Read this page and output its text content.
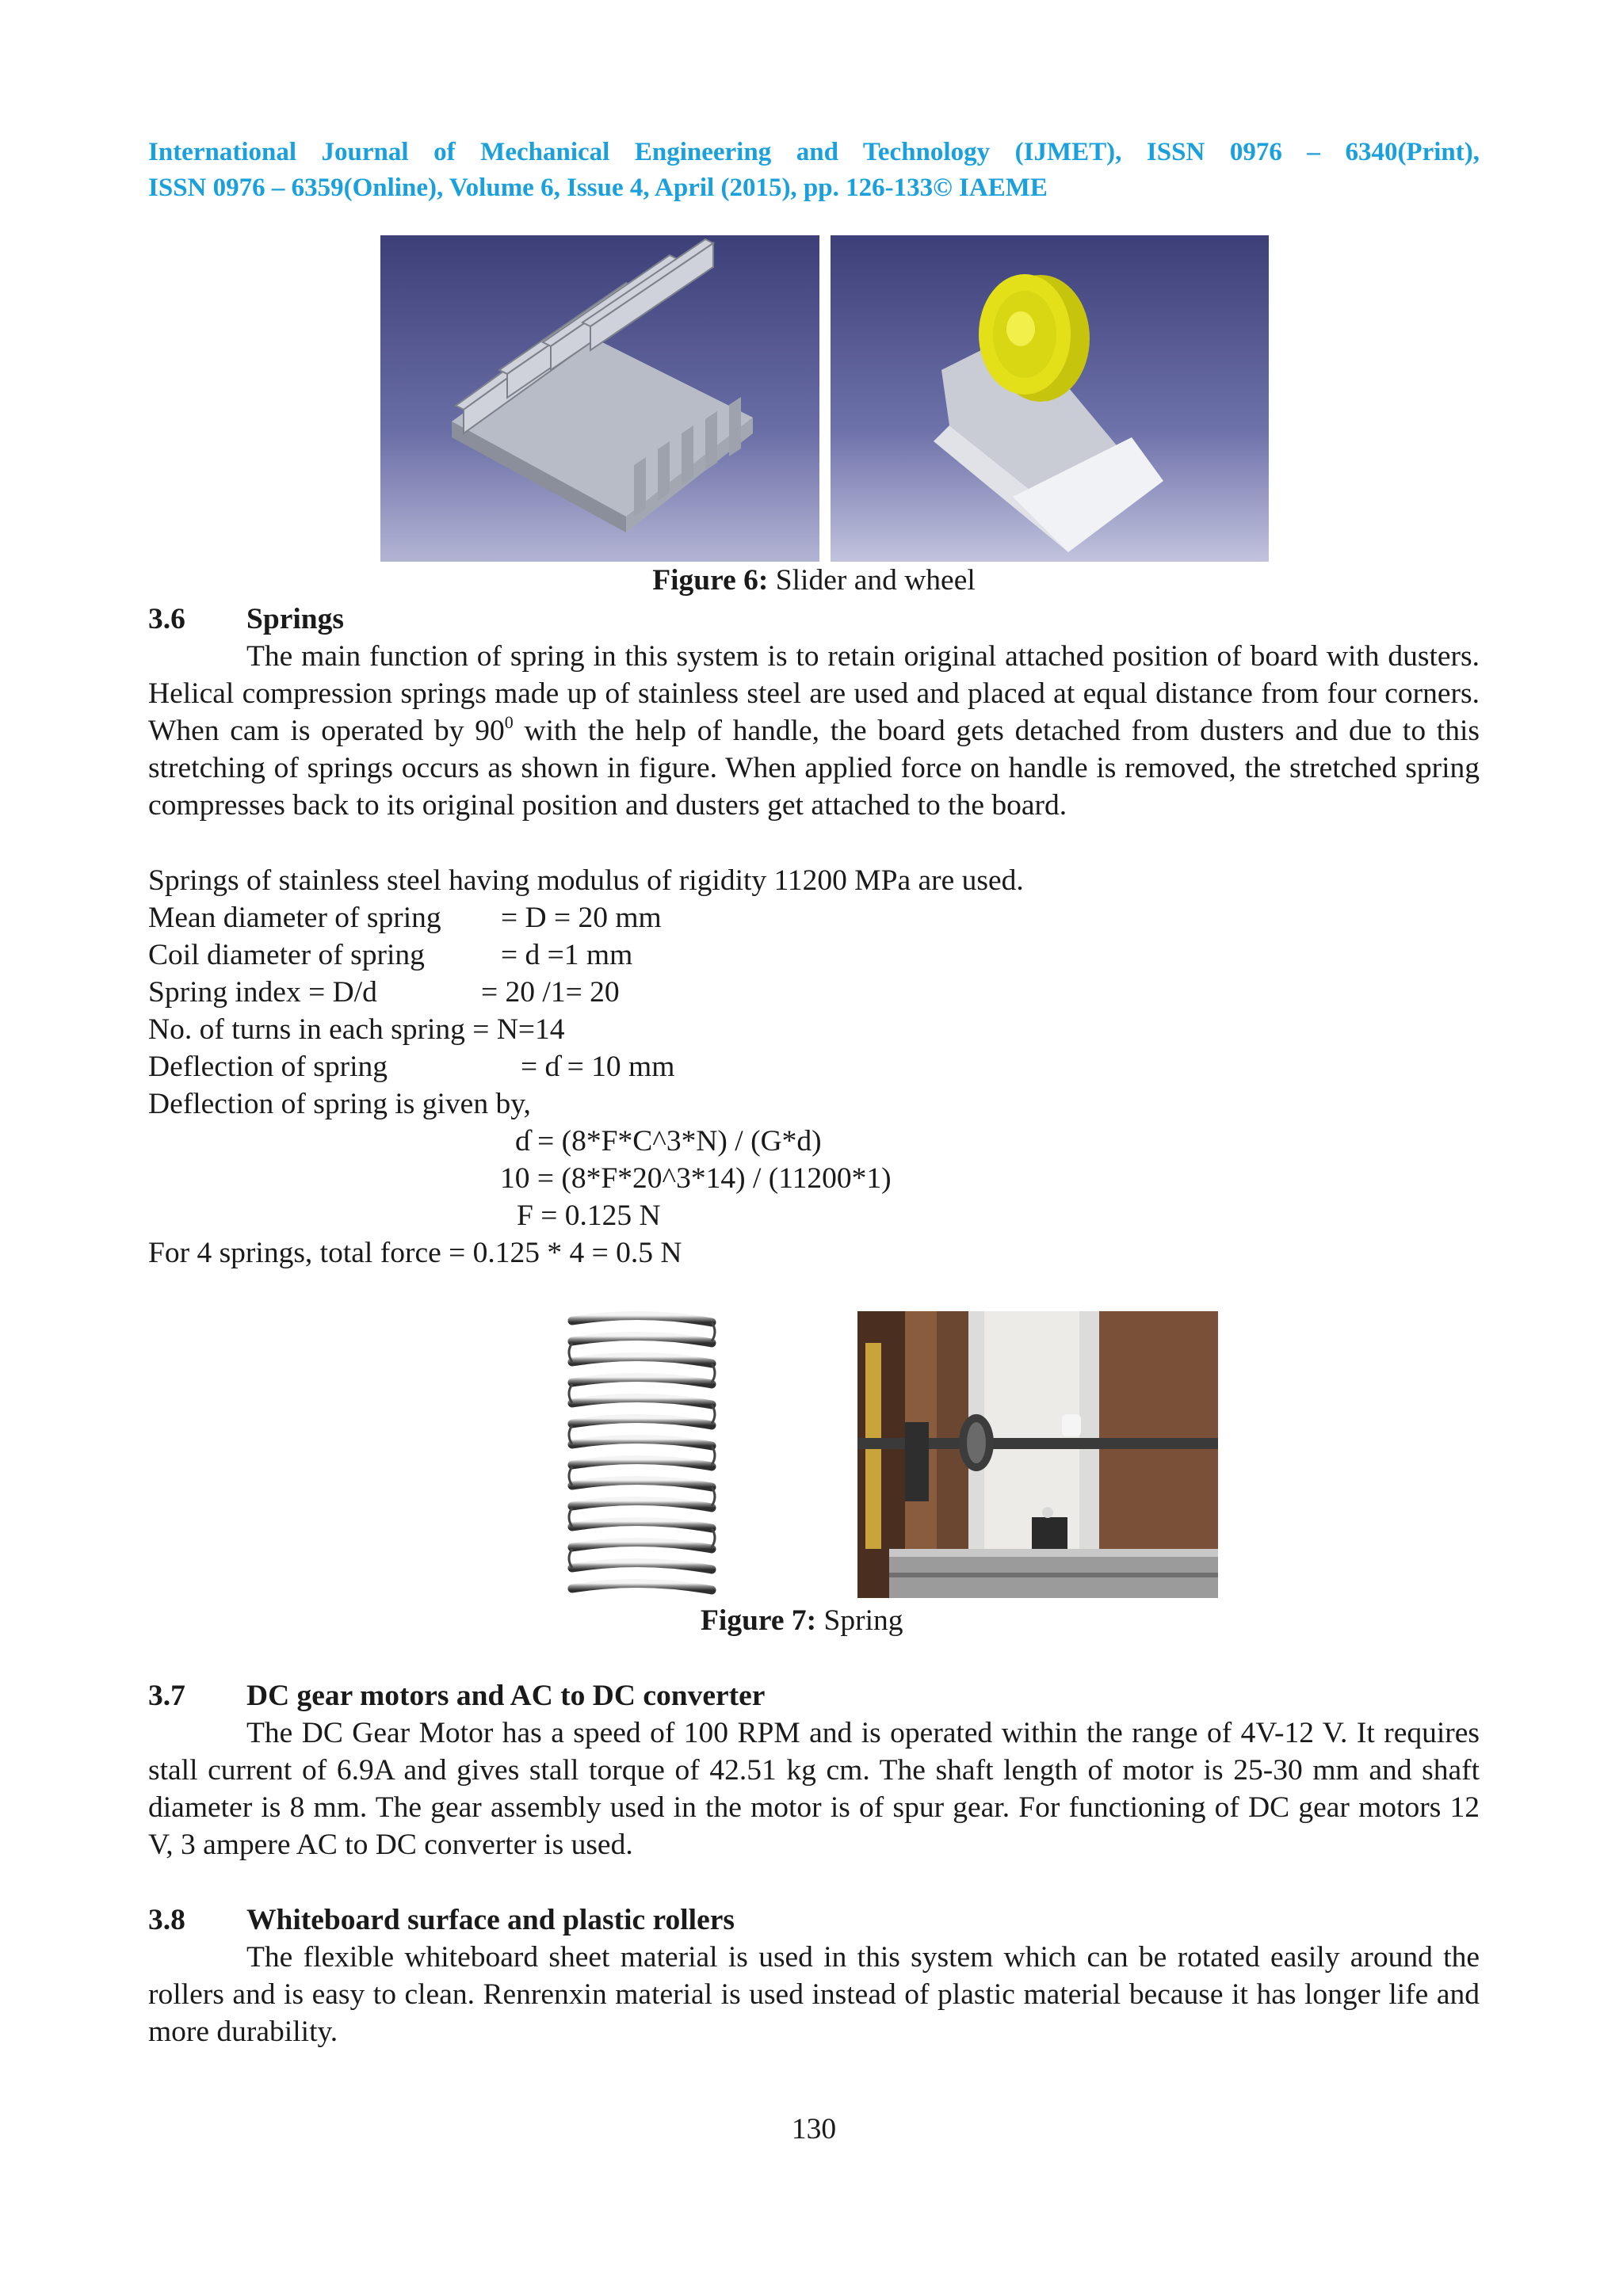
International Journal of Mechanical Engineering and Technology (IJMET), ISSN 0976 – 6340(Print),
ISSN 0976 – 6359(Online), Volume 6, Issue 4, April (2015), pp. 126-133© IAEME
Figure 6: Slider and wheel
3.6 Springs
The main function of spring in this system is to retain original attached position of board with dusters. Helical compression springs made up of stainless steel are used and placed at equal distance from four corners. When cam is operated by $90^0$ with the help of handle, the board gets detached from dusters and due to this stretching of springs occurs as shown in figure. When applied force on handle is removed, the stretched spring compresses back to its original position and dusters get attached to the board.
Springs of stainless steel having modulus of rigidity 11200 MPa are used.
Mean diameter of spring = D = 20 mm
Coil diameter of spring	= d =1 mm
Spring index = D/d	= 20 /1= 20
No. of turns in each spring = N=14
Deflection of spring	= ɗ = 10 mm
Deflection of spring is given by,
ɗ = (8*F*C^3*N) / (G*d)
10 = (8*F*20^3*14) / (11200*1)
F = 0.125 N
For 4 springs, total force = 0.125 * 4 = 0.5 N
Figure 7: Spring
3.7 DC gear motors and AC to DC converter
The DC Gear Motor has a speed of 100 RPM and is operated within the range of 4V-12 V. It requires stall current of 6.9A and gives stall torque of 42.51 kg cm. The shaft length of motor is 25-30 mm and shaft diameter is 8 mm. The gear assembly used in the motor is of spur gear. For functioning of DC gear motors 12 V, 3 ampere AC to DC converter is used.
3.8 Whiteboard surface and plastic rollers
The flexible whiteboard sheet material is used in this system which can be rotated easily around the rollers and is easy to clean. Renrenxin material is used instead of plastic material because it has longer life and more durability.
130
